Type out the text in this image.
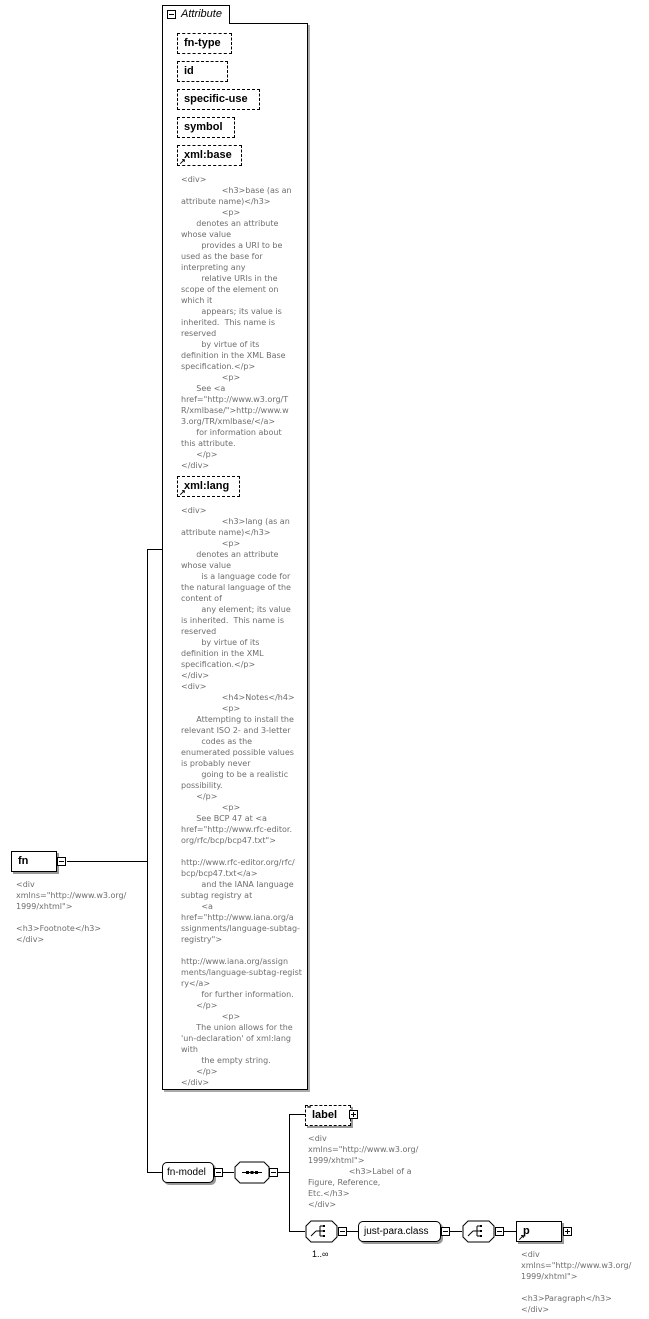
fn
<div
xmlns="http://www.w3.org/
1999/xhtml">

<h3>Footnote</h3>
</div>
Attribute
fn-type
id
specific-use
symbol
xml:base
↗
<div>
<h3>base (as an
attribute name)</h3>
<p>
denotes an attribute
whose value
provides a URI to be
used as the base for
interpreting any
relative URIs in the
scope of the element on
which it
appears; its value is
inherited.  This name is
reserved
by virtue of its
definition in the XML Base
specification.</p>
<p>
See <a
href="http://www.w3.org/T
R/xmlbase/">http://www.w
3.org/TR/xmlbase/</a>
for information about
this attribute.
</p>
</div>
xml:lang
↗
<div>
<h3>lang (as an
attribute name)</h3>
<p>
denotes an attribute
whose value
is a language code for
the natural language of the
content of
any element; its value
is inherited.  This name is
reserved
by virtue of its
definition in the XML
specification.</p>
</div>
<div>
<h4>Notes</h4>
<p>
Attempting to install the
relevant ISO 2- and 3-letter
codes as the
enumerated possible values
is probably never
going to be a realistic
possibility.
</p>
<p>
See BCP 47 at <a
href="http://www.rfc-editor.
org/rfc/bcp/bcp47.txt">

http://www.rfc-editor.org/rfc/
bcp/bcp47.txt</a>
and the IANA language
subtag registry at
<a
href="http://www.iana.org/a
ssignments/language-subtag-
registry">

http://www.iana.org/assign
ments/language-subtag-regist
ry</a>
for further information.
</p>
<p>
The union allows for the
'un-declaration' of xml:lang
with
the empty string.
</p>
</div>
fn-model
label
⁼
<div
xmlns="http://www.w3.org/
1999/xhtml">
<h3>Label of a
Figure, Reference,
Etc.</h3>
</div>
1..∞
just-para.class	p
↗
<div
xmlns="http://www.w3.org/
1999/xhtml">

<h3>Paragraph</h3>
</div>
